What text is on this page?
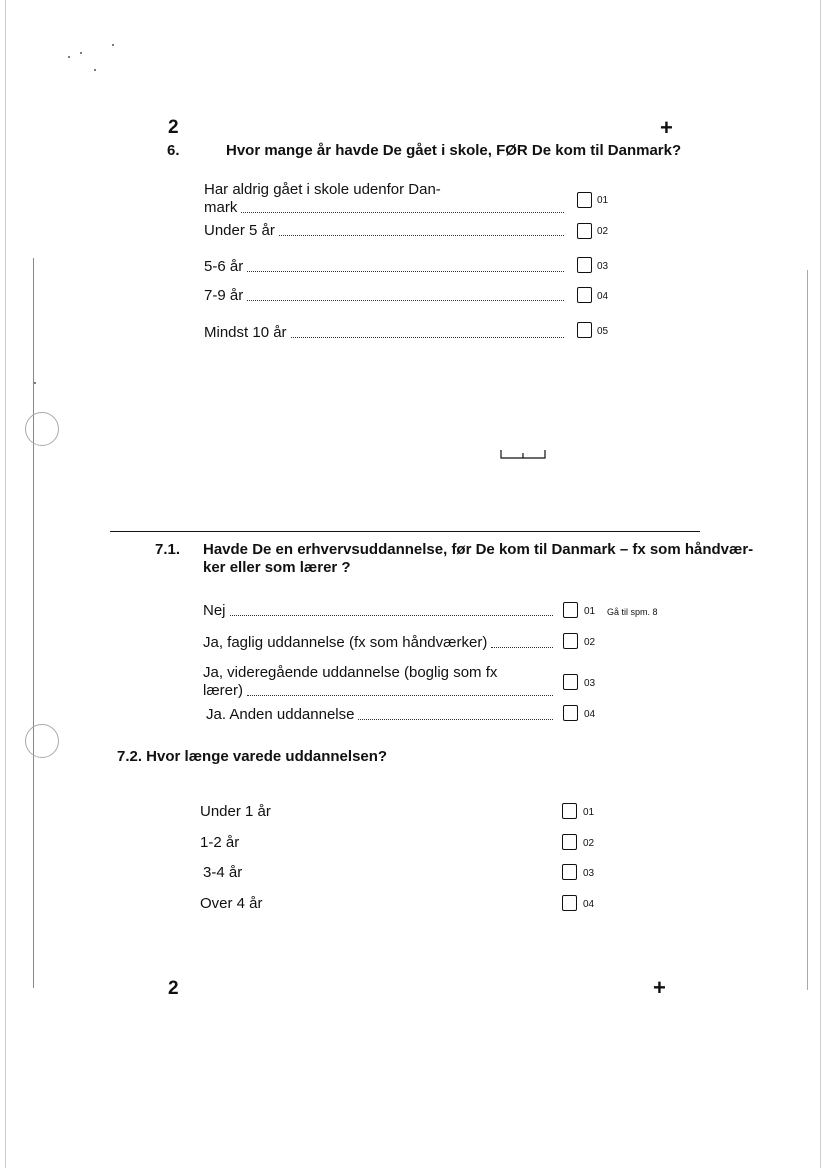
2	+
6.	Hvor mange år havde De gået i skole, FØR De kom til Danmark?
Har aldrig gået i skole udenfor Dan-
mark	01
Under 5 år	02
5-6 år	03
7-9 år	04
Mindst 10 år	05
7.1. Havde De en erhvervsuddannelse, før De kom til Danmark – fx som håndvær-
ker eller som lærer ?
Nej	01 Gå til spm. 8
Ja, faglig uddannelse (fx som håndværker)	02
Ja, videregående uddannelse (boglig som fx
lærer)	03
Ja. Anden uddannelse	04
7.2. Hvor længe varede uddannelsen?
Under 1 år	01
1-2 år	02
3-4 år	03
Over 4 år	04
2	+
